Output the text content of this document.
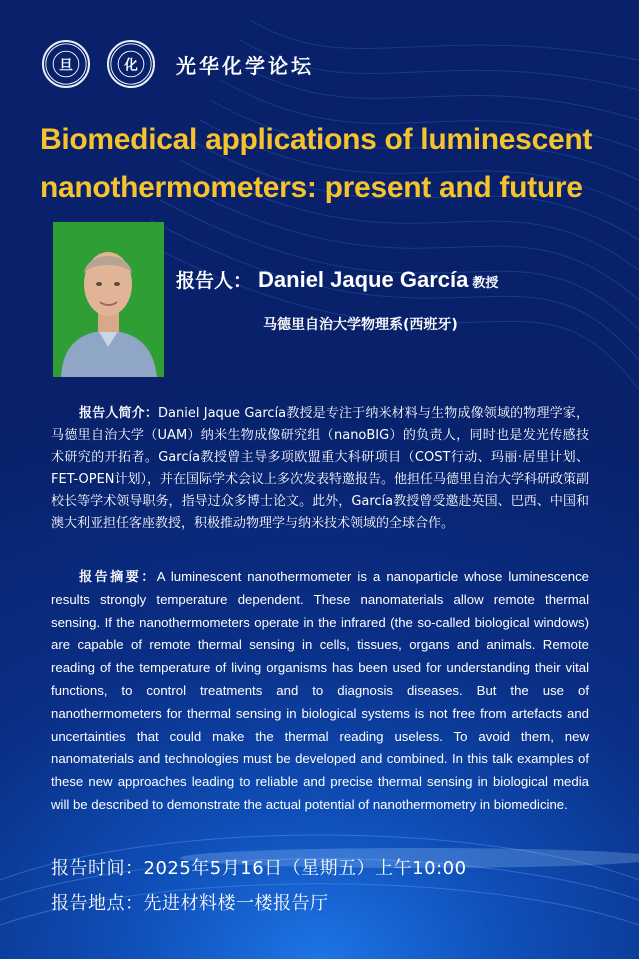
旦	化 光华化学论坛
Biomedical applications of luminescent nanothermometers: present and future
报告人： Daniel Jaque García 教授
马德里自治大学物理系(西班牙)
报告人简介：Daniel Jaque García教授是专注于纳米材料与生物成像领域的物理学家，马德里自治大学（UAM）纳米生物成像研究组（nanoBIG）的负责人，同时也是发光传感技术研究的开拓者。García教授曾主导多项欧盟重大科研项目（COST行动、玛丽·居里计划、FET-OPEN计划），并在国际学术会议上多次发表特邀报告。他担任马德里自治大学科研政策副校长等学术领导职务，指导过众多博士论文。此外，García教授曾受邀赴英国、巴西、中国和澳大利亚担任客座教授，积极推动物理学与纳米技术领域的全球合作。
报告摘要：A luminescent nanothermometer is a nanoparticle whose luminescence results strongly temperature dependent. These nanomaterials allow remote thermal sensing. If the nanothermometers operate in the infrared (the so-called biological windows) are capable of remote thermal sensing in cells, tissues, organs and animals. Remote reading of the temperature of living organisms has been used for understanding their vital functions, to control treatments and to diagnosis diseases. But the use of nanothermometers for thermal sensing in biological systems is not free from artefacts and uncertainties that could make the thermal reading useless. To avoid them, new nanomaterials and technologies must be developed and combined. In this talk examples of these new approaches leading to reliable and precise thermal sensing in biological media will be described to demonstrate the actual potential of nanothermometry in biomedicine.
报告时间：2025年5月16日（星期五）上午10:00
报告地点：先进材料楼一楼报告厅
